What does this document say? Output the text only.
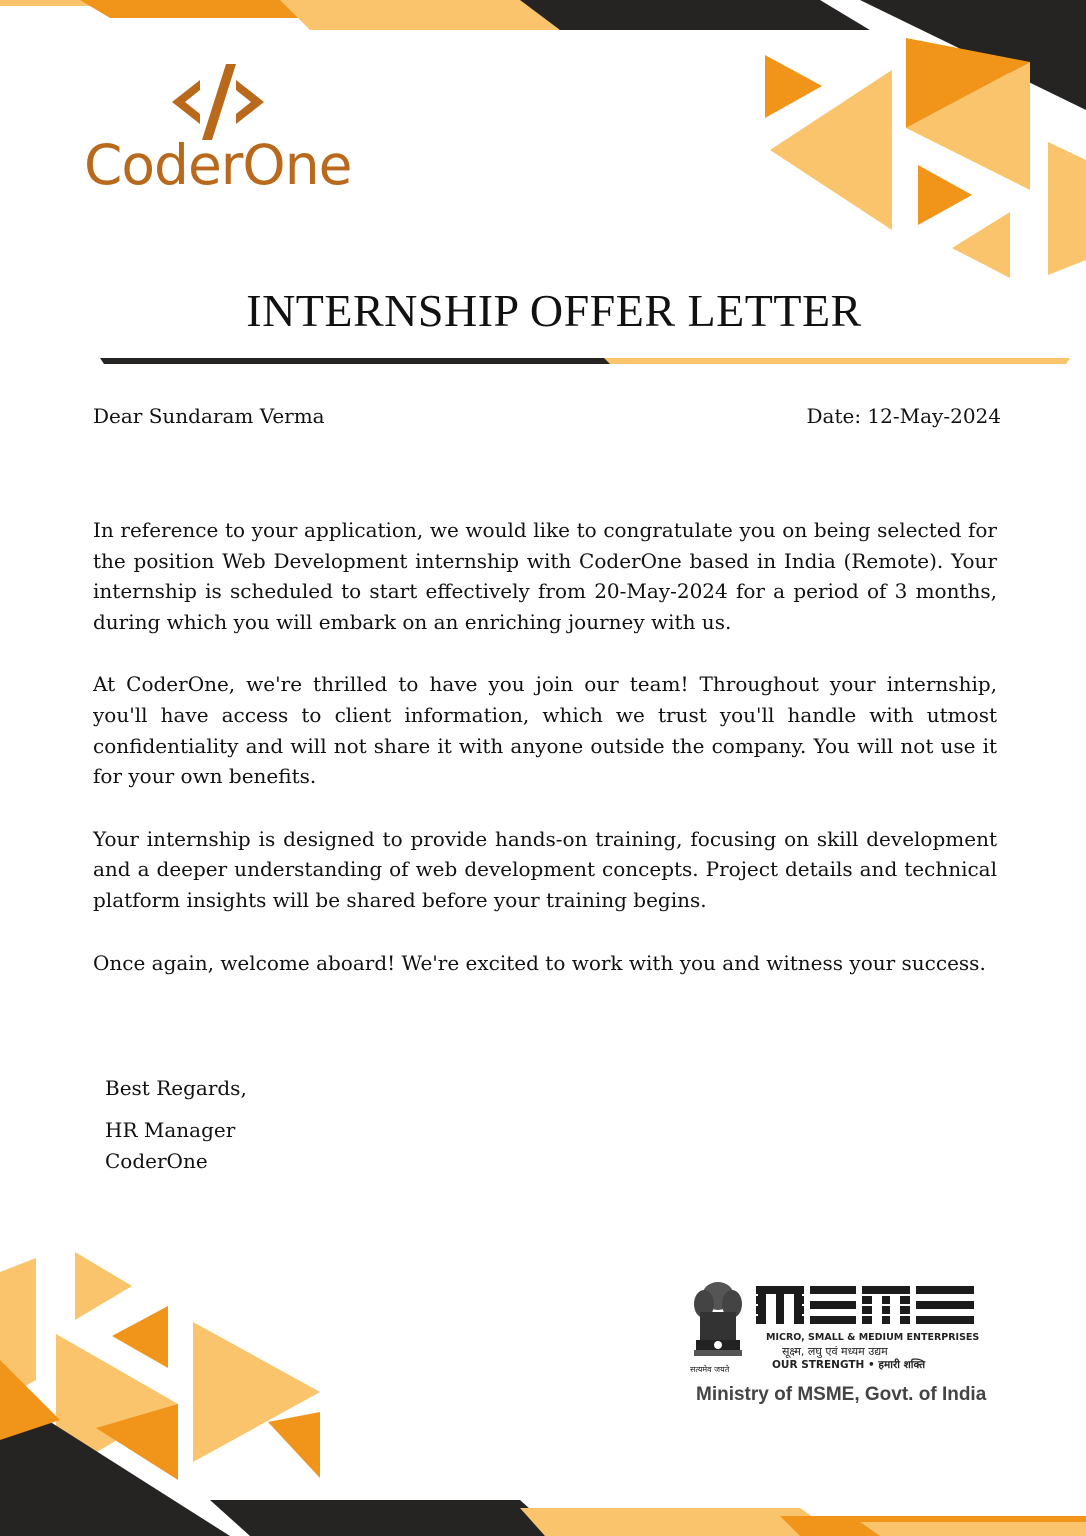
CoderOne
INTERNSHIP OFFER LETTER
Dear Sundaram Verma	Date: 12-May-2024

In reference to your application, we would like to congratulate you on being selected for the position Web Development internship with CoderOne based in India (Remote). Your internship is scheduled to start effectively from 20-May-2024 for a period of 3 months, during which you will embark on an enriching journey with us.

At CoderOne, we're thrilled to have you join our team! Throughout your internship, you'll have access to client information, which we trust you'll handle with utmost confidentiality and will not share it with anyone outside the company. You will not use it for your own benefits.

Your internship is designed to provide hands-on training, focusing on skill development and a deeper understanding of web development concepts. Project details and technical platform insights will be shared before your training begins.

Once again, welcome aboard! We're excited to work with you and witness your success.

Best Regards,
HR Manager
CoderOne
सत्यमेव जयते
MICRO, SMALL & MEDIUM ENTERPRISES
सूक्ष्म, लघु एवं मध्यम उद्यम
OUR STRENGTH • हमारी शक्ति
Ministry of MSME, Govt. of India
